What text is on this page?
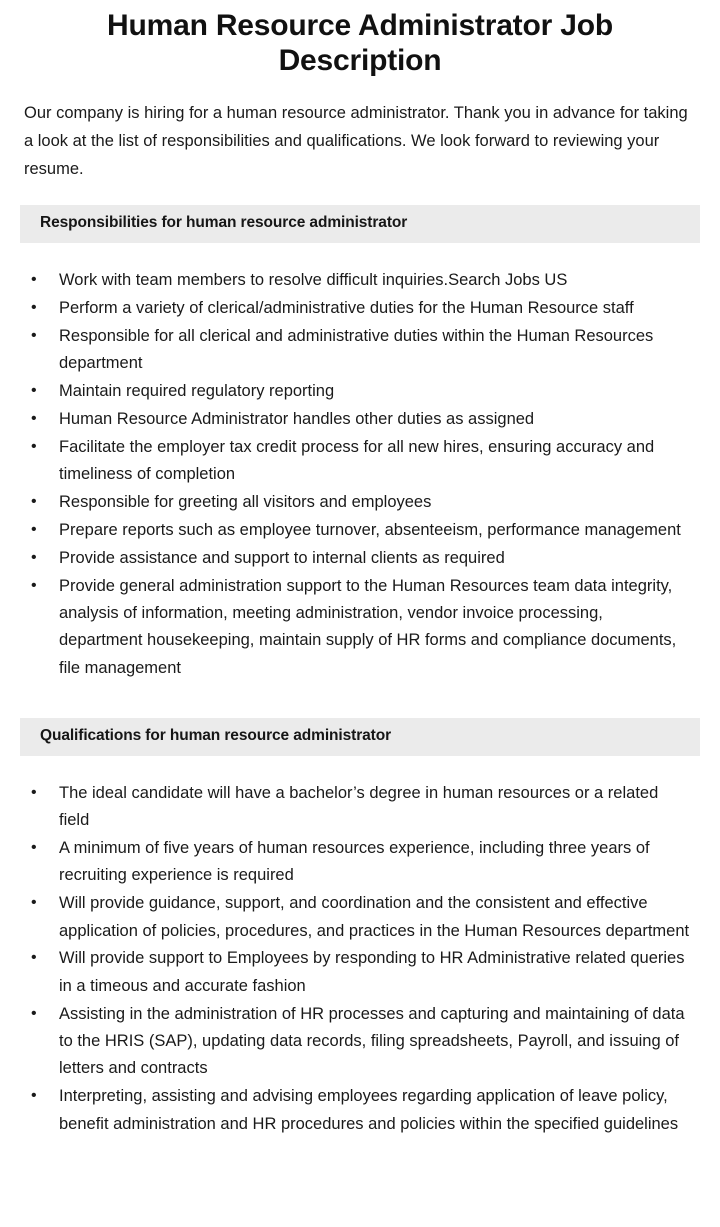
Human Resource Administrator Job Description

Our company is hiring for a human resource administrator. Thank you in advance for taking a look at the list of responsibilities and qualifications. We look forward to reviewing your resume.

Responsibilities for human resource administrator
• Work with team members to resolve difficult inquiries.Search Jobs US
• Perform a variety of clerical/administrative duties for the Human Resource staff
• Responsible for all clerical and administrative duties within the Human Resources department
• Maintain required regulatory reporting
• Human Resource Administrator handles other duties as assigned
• Facilitate the employer tax credit process for all new hires, ensuring accuracy and timeliness of completion
• Responsible for greeting all visitors and employees
• Prepare reports such as employee turnover, absenteeism, performance management
• Provide assistance and support to internal clients as required
• Provide general administration support to the Human Resources team data integrity, analysis of information, meeting administration, vendor invoice processing, department housekeeping, maintain supply of HR forms and compliance documents, file management
Qualifications for human resource administrator
• The ideal candidate will have a bachelor’s degree in human resources or a related field
• A minimum of five years of human resources experience, including three years of recruiting experience is required
• Will provide guidance, support, and coordination and the consistent and effective application of policies, procedures, and practices in the Human Resources department
• Will provide support to Employees by responding to HR Administrative related queries in a timeous and accurate fashion
• Assisting in the administration of HR processes and capturing and maintaining of data to the HRIS (SAP), updating data records, filing spreadsheets, Payroll, and issuing of letters and contracts
• Interpreting, assisting and advising employees regarding application of leave policy, benefit administration and HR procedures and policies within the specified guidelines
